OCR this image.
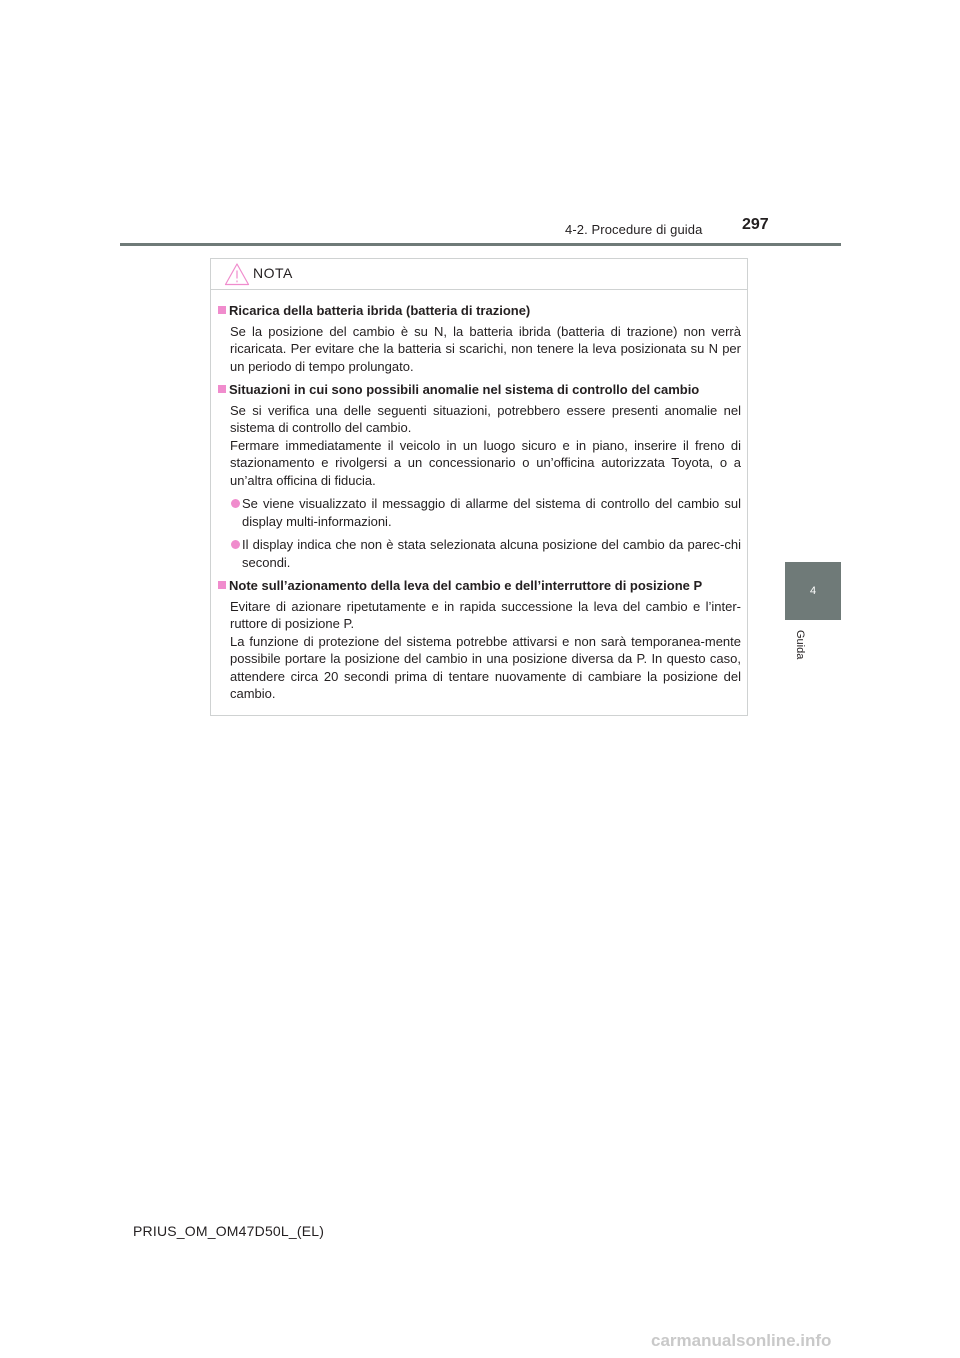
4-2. Procedure di guida 297
4
Guida
NOTA
Ricarica della batteria ibrida (batteria di trazione)
Se la posizione del cambio è su N, la batteria ibrida (batteria di trazione) non verrà ricaricata. Per evitare che la batteria si scarichi, non tenere la leva posizionata su N per un periodo di tempo prolungato.
Situazioni in cui sono possibili anomalie nel sistema di controllo del cambio
Se si verifica una delle seguenti situazioni, potrebbero essere presenti anomalie nel sistema di controllo del cambio.
Fermare immediatamente il veicolo in un luogo sicuro e in piano, inserire il freno di stazionamento e rivolgersi a un concessionario o un’officina autorizzata Toyota, o a un’altra officina di fiducia.
Se viene visualizzato il messaggio di allarme del sistema di controllo del cambio sul display multi-informazioni.
Il display indica che non è stata selezionata alcuna posizione del cambio da parec-chi secondi.
Note sull’azionamento della leva del cambio e dell’interruttore di posizione P
Evitare di azionare ripetutamente e in rapida successione la leva del cambio e l’inter-ruttore di posizione P.
La funzione di protezione del sistema potrebbe attivarsi e non sarà temporanea-mente possibile portare la posizione del cambio in una posizione diversa da P. In questo caso, attendere circa 20 secondi prima di tentare nuovamente di cambiare la posizione del cambio.
PRIUS_OM_OM47D50L_(EL)
carmanualsonline.info
